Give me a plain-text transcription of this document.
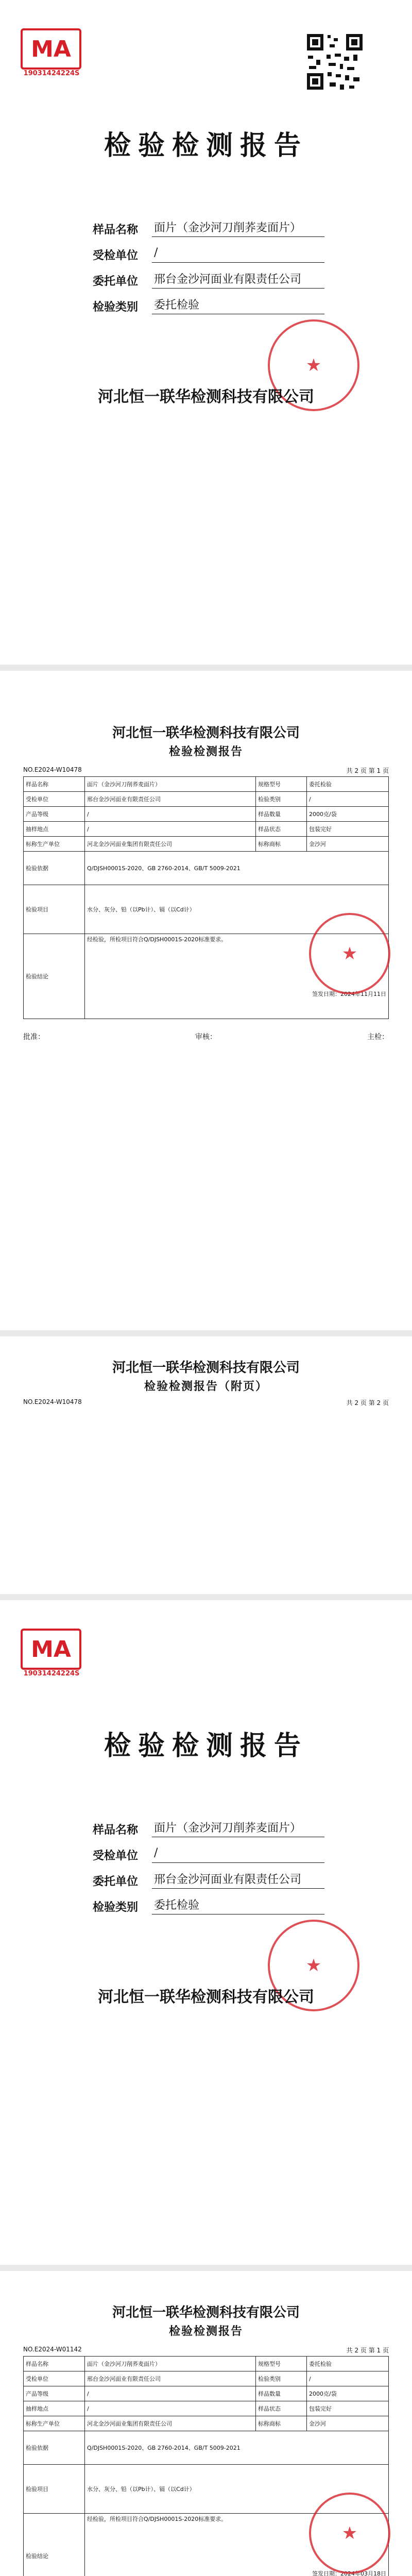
MA
19031424224S
检验检测报告
样品名称	面片（金沙河刀削荞麦面片）
受检单位	/
委托单位	邢台金沙河面业有限责任公司
检验类别	委托检验
★
河北恒一联华检测科技有限公司
河北恒一联华检测科技有限公司
检验检测报告
NO.E2024-W10478	共 2 页 第 1 页
样品名称	面片（金沙河刀削荞麦面片）	规格型号	委托检验
受检单位	邢台金沙河面业有限责任公司	检验类别	/
产品等级	/	样品数量	2000克/袋
抽样地点	/	样品状态	包装完好
标称生产单位	河北金沙河面业集团有限责任公司	标称商标	金沙河
检验依据	Q/DJSH0001S-2020、GB 2760-2014、GB/T 5009-2021		
检验项目	水分、灰分、铅（以Pb计）、镉（以Cd计）		
检验结论	经检验，所检项目符合Q/DJSH0001S-2020标准要求。
签发日期：2024年11月11日		
★
批准：	审核：	主检：
河北恒一联华检测科技有限公司
检验检测报告（附页）
NO.E2024-W10478	共 2 页 第 2 页
MA
19031424224S
检验检测报告
样品名称	面片（金沙河刀削荞麦面片）
受检单位	/
委托单位	邢台金沙河面业有限责任公司
检验类别	委托检验
★
河北恒一联华检测科技有限公司
河北恒一联华检测科技有限公司
检验检测报告
NO.E2024-W01142	共 2 页 第 1 页
样品名称	面片（金沙河刀削荞麦面片）	规格型号	委托检验
受检单位	邢台金沙河面业有限责任公司	检验类别	/
产品等级	/	样品数量	2000克/袋
抽样地点	/	样品状态	包装完好
标称生产单位	河北金沙河面业集团有限责任公司	标称商标	金沙河
检验依据	Q/DJSH0001S-2020、GB 2760-2014、GB/T 5009-2021		
检验项目	水分、灰分、铅（以Pb计）、镉（以Cd计）		
检验结论	经检验，所检项目符合Q/DJSH0001S-2020标准要求。
签发日期：2024年03月18日		
★
